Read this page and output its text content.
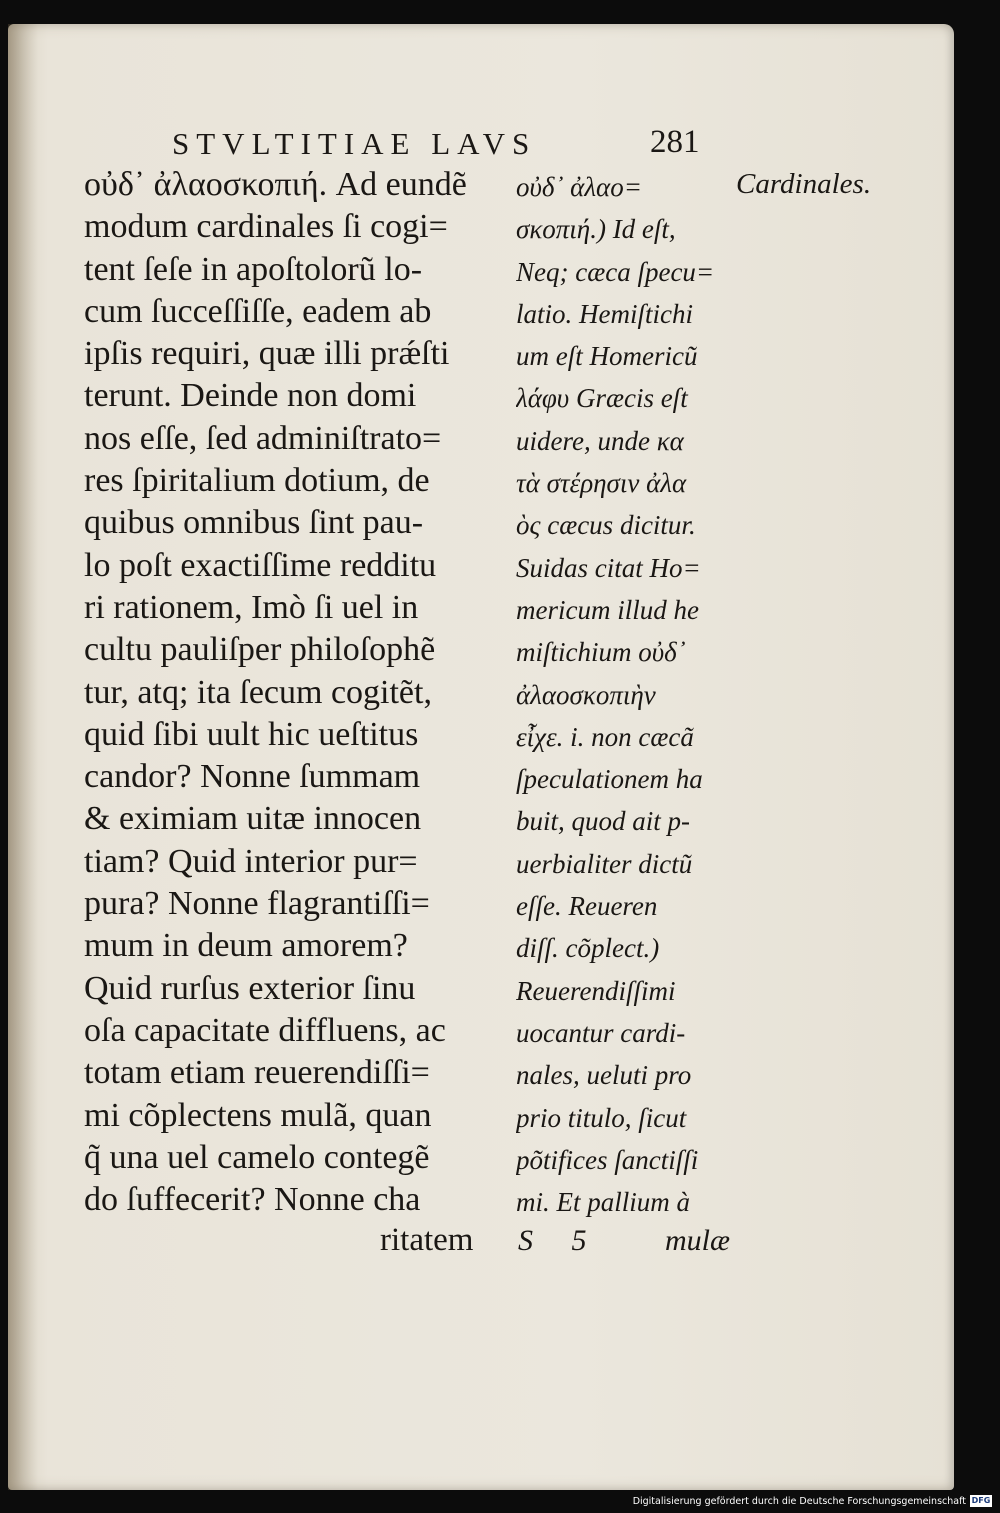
STVLTITIAE LAVS	281
οὐδ᾽ ἀλαοσκοπιή. Ad eundẽ
modum cardinales ſi cogi=
tent ſeſe in apoſtolorũ lo-
cum ſucceſſiſſe, eadem ab
ipſis requiri, quæ illi prǽſti
terunt. Deinde non domi
nos eſſe, ſed adminiſtrato=
res ſpiritalium dotium, de
quibus omnibus ſint pau-
lo poſt exactiſſime redditu
ri rationem, Imò ſi uel in
cultu pauliſper philoſophẽ
tur, atq; ita ſecum cogitẽt,
quid ſibi uult hic ueſtitus
candor? Nonne ſummam
& eximiam uitæ innocen
tiam? Quid interior pur=
pura? Nonne flagrantiſſi=
mum in deum amorem?
Quid rurſus exterior ſinu
oſa capacitate diffluens, ac
totam etiam reuerendiſſi=
mi cõplectens mulã, quan
q̃ una uel camelo contegẽ
do ſuffecerit? Nonne cha
οὐδ᾽ ἀλαο=
σκοπιή.) Id eſt,
Neq; cæca ſpecu=
latio. Hemiſtichi
um eſt Homericũ
λάφυ Græcis eſt
uidere, unde κα
τὰ στέρησιν ἀλα
ὸς cæcus dicitur.
Suidas citat Ho=
mericum illud he
miſtichium οὐδ᾽
ἀλαοσκοπιὴν
εἶχε. i. non cæcã
ſpeculationem ha
buit, quod ait p-
uerbialiter dictũ
eſſe. Reueren
diſſ. cõplect.)
Reuerendiſſimi
uocantur cardi-
nales, ueluti pro
prio titulo, ſicut
põtifices ſanctiſſi
mi. Et pallium à
Cardinales.
ritatem S 5	mulæ
Digitalisierung gefördert durch die Deutsche Forschungsgemeinschaft DFG
